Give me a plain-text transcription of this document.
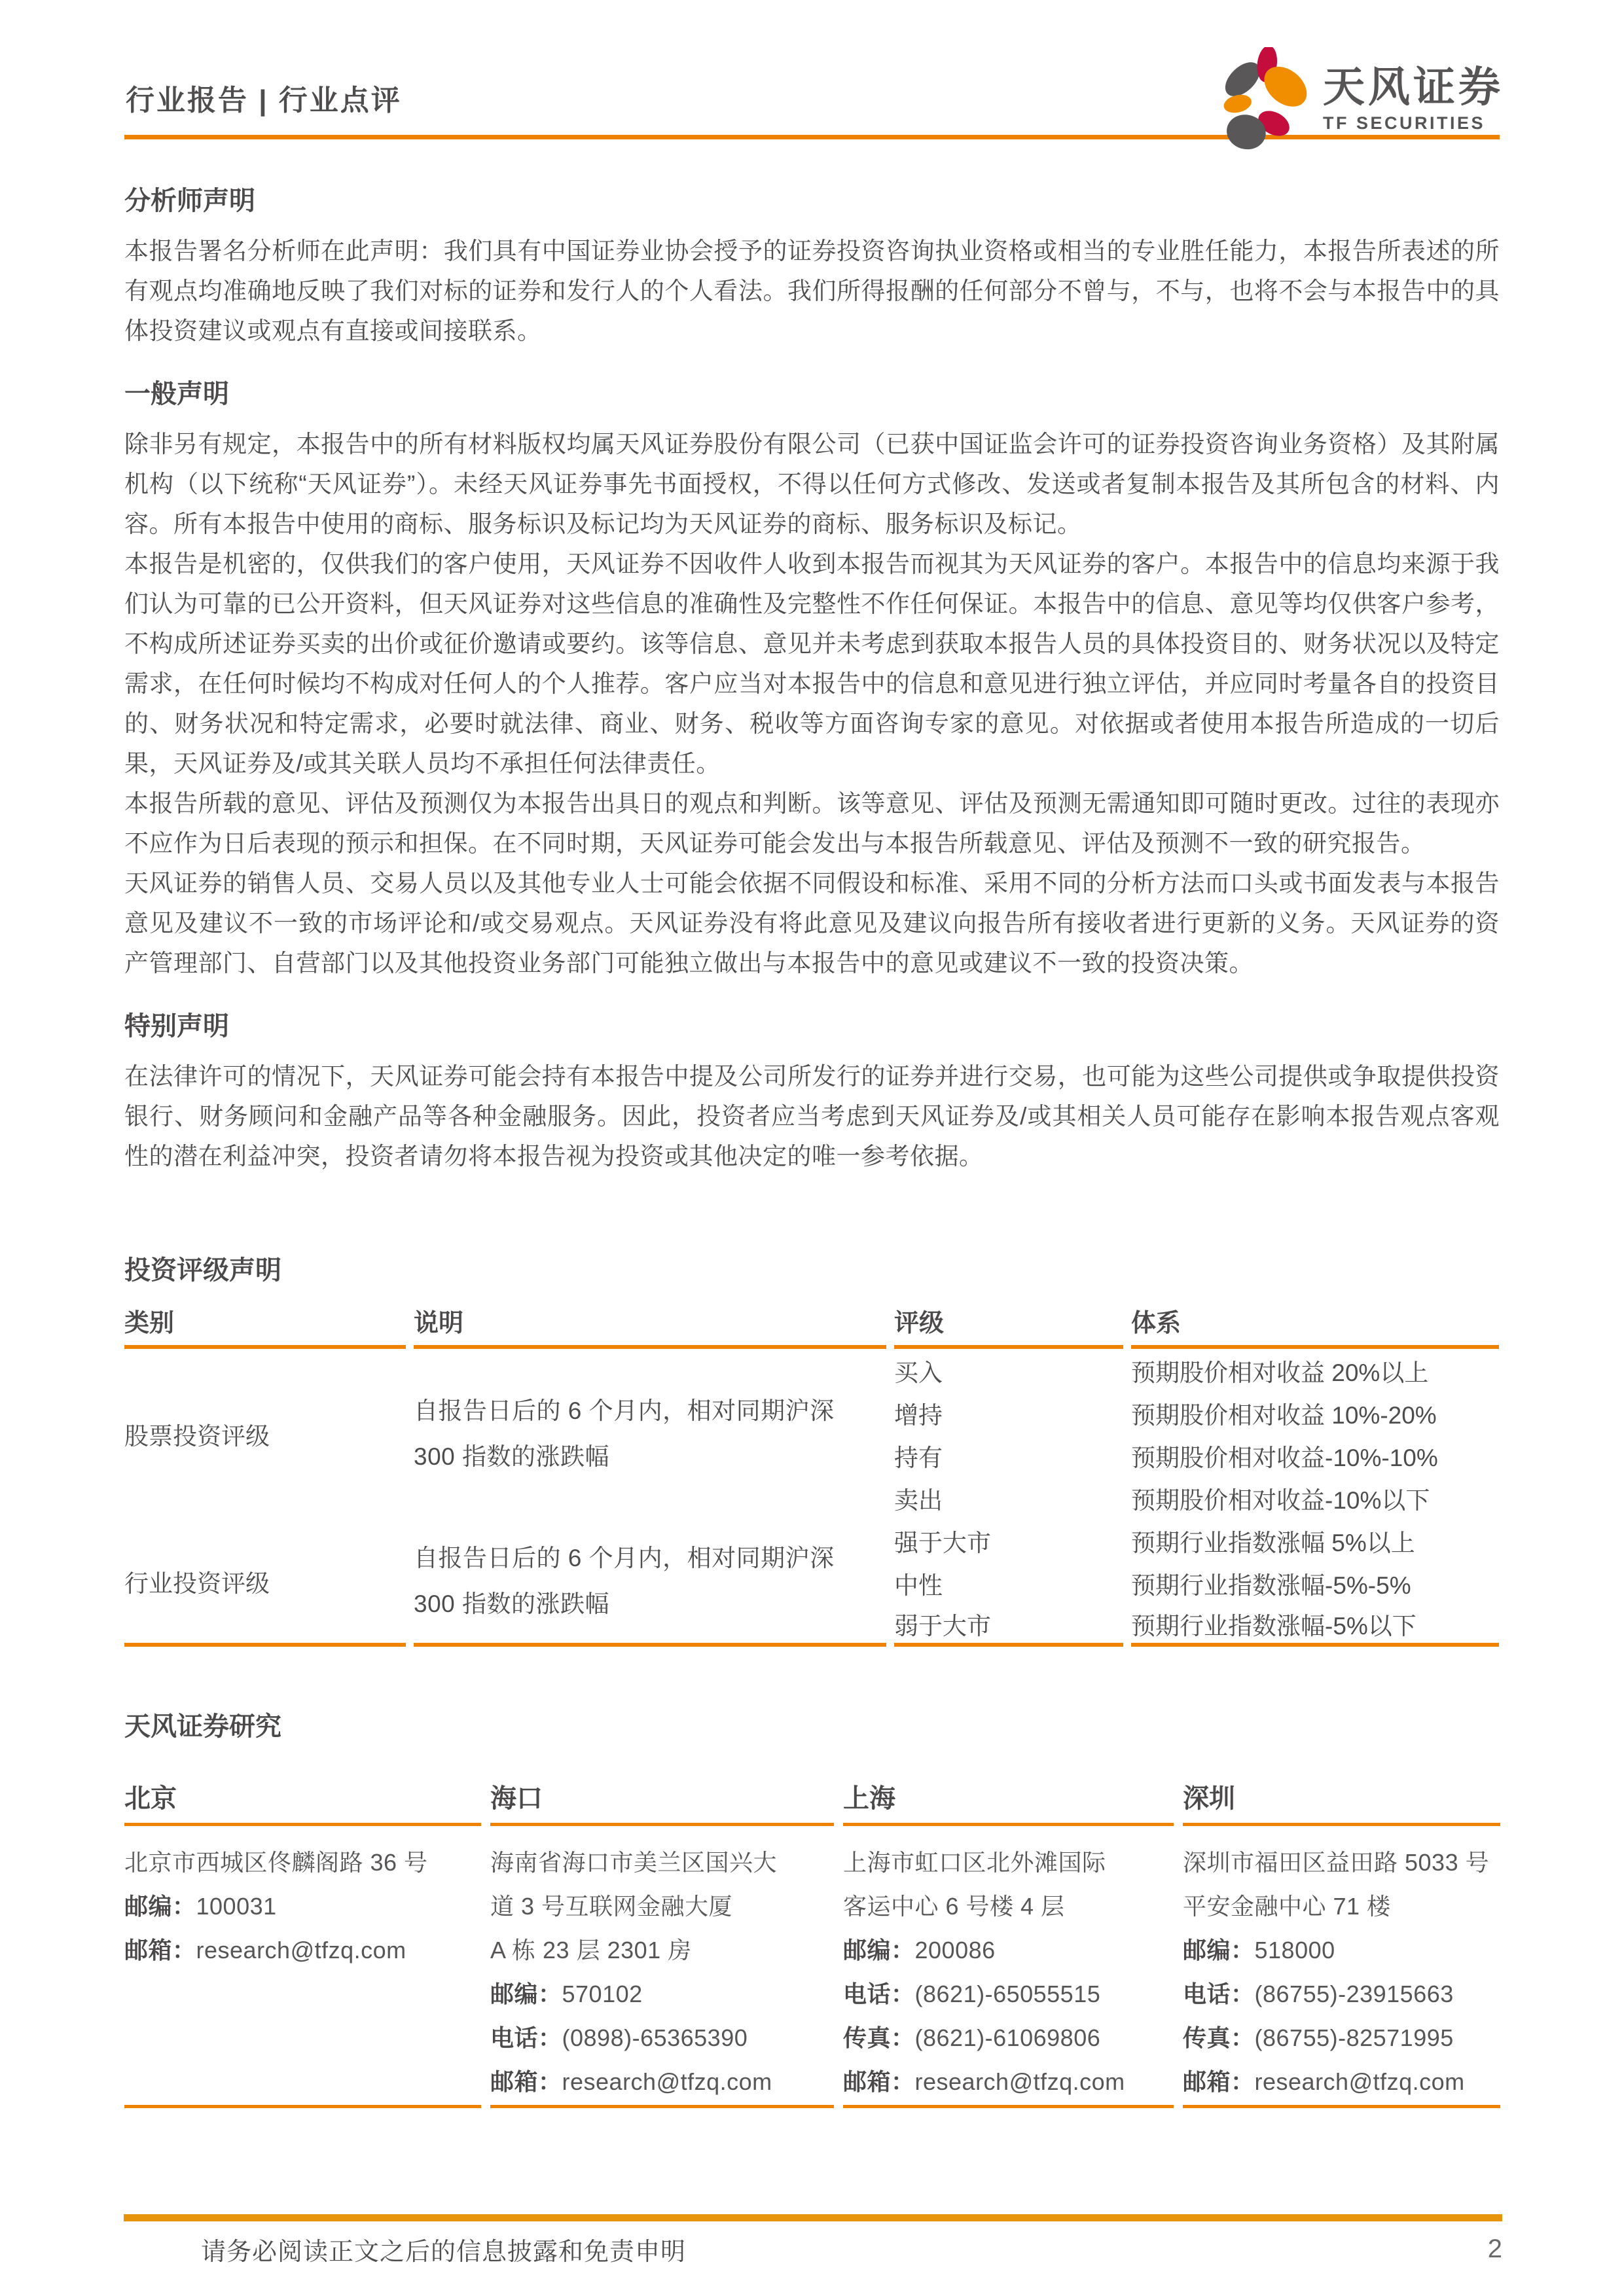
行业报告 | 行业点评	天风证券
TF SECURITIES
分析师声明

本报告署名分析师在此声明：我们具有中国证券业协会授予的证券投资咨询执业资格或相当的专业胜任能力，本报告所表述的所有观点均准确地反映了我们对标的证券和发行人的个人看法。我们所得报酬的任何部分不曾与，不与，也将不会与本报告中的具体投资建议或观点有直接或间接联系。

一般声明

除非另有规定，本报告中的所有材料版权均属天风证券股份有限公司（已获中国证监会许可的证券投资咨询业务资格）及其附属机构（以下统称“天风证券”）。未经天风证券事先书面授权，不得以任何方式修改、发送或者复制本报告及其所包含的材料、内容。所有本报告中使用的商标、服务标识及标记均为天风证券的商标、服务标识及标记。

本报告是机密的，仅供我们的客户使用，天风证券不因收件人收到本报告而视其为天风证券的客户。本报告中的信息均来源于我们认为可靠的已公开资料，但天风证券对这些信息的准确性及完整性不作任何保证。本报告中的信息、意见等均仅供客户参考，不构成所述证券买卖的出价或征价邀请或要约。该等信息、意见并未考虑到获取本报告人员的具体投资目的、财务状况以及特定需求，在任何时候均不构成对任何人的个人推荐。客户应当对本报告中的信息和意见进行独立评估，并应同时考量各自的投资目的、财务状况和特定需求，必要时就法律、商业、财务、税收等方面咨询专家的意见。对依据或者使用本报告所造成的一切后果，天风证券及/或其关联人员均不承担任何法律责任。

本报告所载的意见、评估及预测仅为本报告出具日的观点和判断。该等意见、评估及预测无需通知即可随时更改。过往的表现亦不应作为日后表现的预示和担保。在不同时期，天风证券可能会发出与本报告所载意见、评估及预测不一致的研究报告。

天风证券的销售人员、交易人员以及其他专业人士可能会依据不同假设和标准、采用不同的分析方法而口头或书面发表与本报告意见及建议不一致的市场评论和/或交易观点。天风证券没有将此意见及建议向报告所有接收者进行更新的义务。天风证券的资产管理部门、自营部门以及其他投资业务部门可能独立做出与本报告中的意见或建议不一致的投资决策。

特别声明

在法律许可的情况下，天风证券可能会持有本报告中提及公司所发行的证券并进行交易，也可能为这些公司提供或争取提供投资银行、财务顾问和金融产品等各种金融服务。因此，投资者应当考虑到天风证券及/或其相关人员可能存在影响本报告观点客观性的潜在利益冲突，投资者请勿将本报告视为投资或其他决定的唯一参考依据。

投资评级声明
类别	说明	评级	体系
股票投资评级
自报告日后的 6 个月内，相对同期沪深 300 指数的涨跌幅
买入	预期股价相对收益 20%以上
增持	预期股价相对收益 10%-20%
持有	预期股价相对收益-10%-10%
卖出	预期股价相对收益-10%以下
行业投资评级
自报告日后的 6 个月内，相对同期沪深 300 指数的涨跌幅
强于大市	预期行业指数涨幅 5%以上
中性	预期行业指数涨幅-5%-5%
弱于大市	预期行业指数涨幅-5%以下
天风证券研究
北京
北京市西城区佟麟阁路 36 号
邮编：100031
邮箱：research@tfzq.com
海口
海南省海口市美兰区国兴大
道 3 号互联网金融大厦
A 栋 23 层 2301 房
邮编：570102
电话：(0898)-65365390
邮箱：research@tfzq.com
上海
上海市虹口区北外滩国际
客运中心 6 号楼 4 层
邮编：200086
电话：(8621)-65055515
传真：(8621)-61069806
邮箱：research@tfzq.com
深圳
深圳市福田区益田路 5033 号
平安金融中心 71 楼
邮编：518000
电话：(86755)-23915663
传真：(86755)-82571995
邮箱：research@tfzq.com
请务必阅读正文之后的信息披露和免责申明	2
